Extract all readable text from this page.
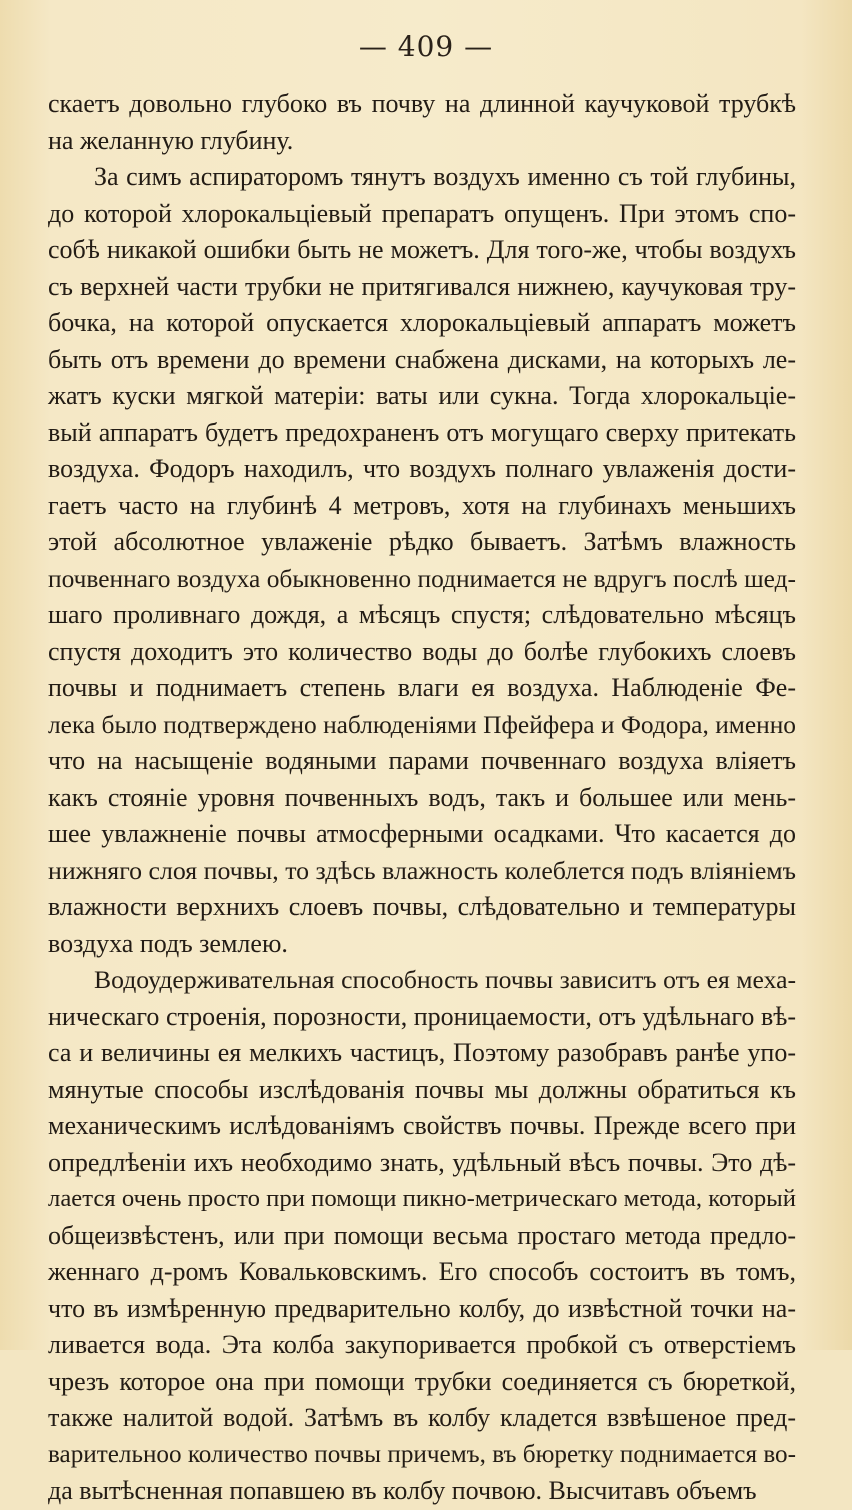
— 409 —
скаетъ довольно глубоко въ почву на длинной каучуковой трубкѣ
на желанную глубину.
За симъ аспираторомъ тянутъ воздухъ именно съ той глубины,
до которой хлорокальціевый препаратъ опущенъ. При этомъ спо-
собѣ никакой ошибки быть не можетъ. Для того-же, чтобы воздухъ
съ верхней части трубки не притягивался нижнею, каучуковая тру-
бочка, на которой опускается хлорокальціевый аппаратъ можетъ
быть отъ времени до времени снабжена дисками, на которыхъ ле-
жатъ куски мягкой матеріи: ваты или сукна. Тогда хлорокальціе-
вый аппаратъ будетъ предохраненъ отъ могущаго сверху притекать
воздуха. Фодоръ находилъ, что воздухъ полнаго увлаженія дости-
гаетъ часто на глубинѣ 4 метровъ, хотя на глубинахъ меньшихъ
этой абсолютное увлаженіе рѣдко бываетъ. Затѣмъ влажность
почвеннаго воздуха обыкновенно поднимается не вдругъ послѣ шед-
шаго проливнаго дождя, а мѣсяцъ спустя; слѣдовательно мѣсяцъ
спустя доходитъ это количество воды до болѣе глубокихъ слоевъ
почвы и поднимаетъ степень влаги ея воздуха. Наблюденіе Фе-
лека было подтверждено наблюденіями Пфейфера и Фодора, именно
что на насыщеніе водяными парами почвеннаго воздуха вліяетъ
какъ стояніе уровня почвенныхъ водъ, такъ и большее или мень-
шее увлажненіе почвы атмосферными осадками. Что касается до
нижняго слоя почвы, то здѣсь влажность колеблется подъ вліяніемъ
влажности верхнихъ слоевъ почвы, слѣдовательно и температуры
воздуха подъ землею.
Водоудерживательная способность почвы зависитъ отъ ея меха-
ническаго строенія, порозности, проницаемости, отъ удѣльнаго вѣ-
са и величины ея мелкихъ частицъ, Поэтому разобравъ ранѣе упо-
мянутые способы изслѣдованія почвы мы должны обратиться къ
механическимъ иcлѣдованіямъ свойствъ почвы. Прежде всего при
опредлѣеніи ихъ необходимо знать, удѣльный вѣсъ почвы. Это дѣ-
лается очень просто при помощи пикно-метрическаго метода, который
общеизвѣстенъ, или при помощи весьма простаго метода предло-
женнаго д-ромъ Ковальковскимъ. Его способъ состоитъ въ томъ,
что въ измѣренную предварительно колбу, до извѣстной точки на-
ливается вода. Эта колба закупоривается пробкой съ отверстіемъ
чрезъ которое она при помощи трубки соединяется съ бюреткой,
также налитой водой. Затѣмъ въ колбу кладется взвѣшеное пред-
варительноо количество почвы причемъ, въ бюретку поднимается во-
да вытѣсненная попавшею въ колбу почвою. Высчитавъ объемъ
